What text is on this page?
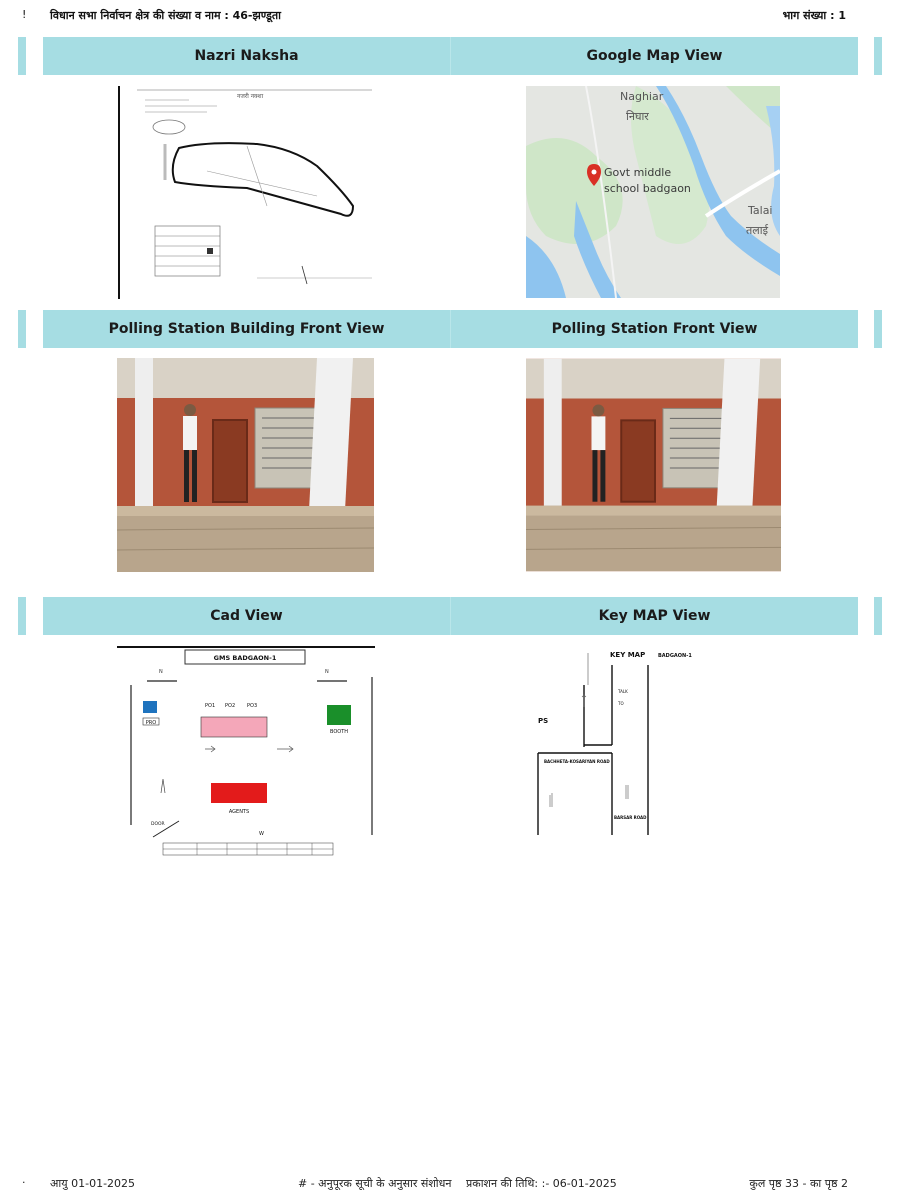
! विधान सभा निर्वाचन क्षेत्र की संख्या व नाम : 46-झण्डूता	भाग संख्या : 1
Nazri Naksha	Google Map View
नजरी नक्शा	Naghiar
निघार
Govt middle
school badgaon
Talai
तलाई
Polling Station Building Front View	Polling Station Front View
Cad View	Key MAP View
GMS BADGAON-1
N	N
PRO
PO1 PO2 PO3
BOOTH
AGENTS
DOOR
W
KEY MAP	BADGAON-1
PS
TALK
TO
BACHHETA-KOSARIYAN ROAD
BARSAR ROAD
· आयु 01-01-2025	# - अनुपूरक सूची के अनुसार संशोधन प्रकाशन की तिथि: :- 06-01-2025	कुल पृष्ठ 33 - का पृष्ठ 2
